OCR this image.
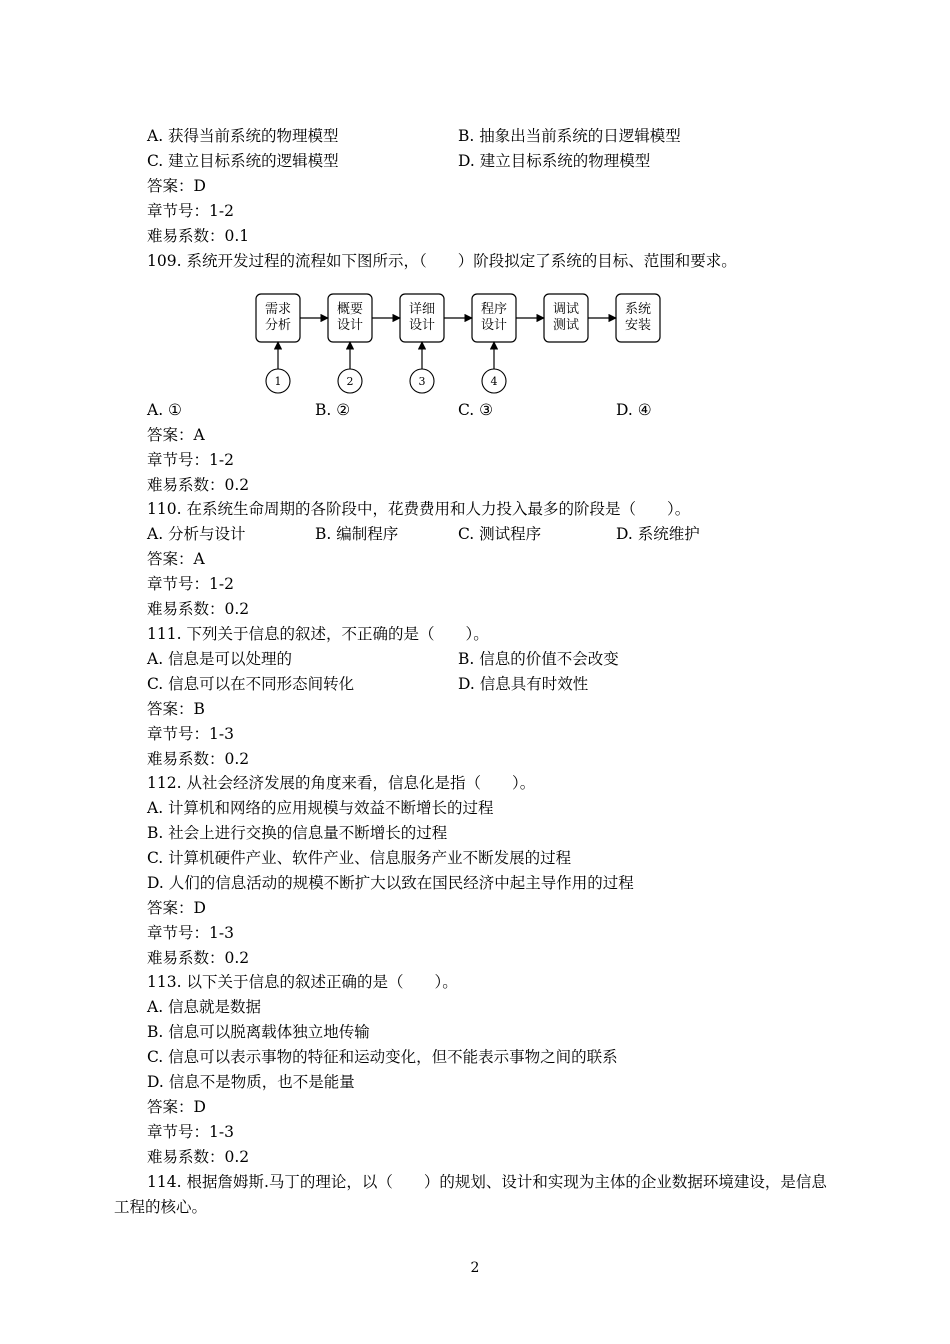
A. 获得当前系统的物理模型	B. 抽象出当前系统的日逻辑模型
C. 建立目标系统的逻辑模型	D. 建立目标系统的物理模型
答案：D
章节号：1-2
难易系数：0.1
109. 系统开发过程的流程如下图所示，（　　）阶段拟定了系统的目标、范围和要求。
需求
分析
概要
设计
详细
设计
程序
设计
调试
测试
系统
安装
1	2	3	4
A. ①	B. ②	C. ③	D. ④
答案：A
章节号：1-2
难易系数：0.2
110. 在系统生命周期的各阶段中，花费费用和人力投入最多的阶段是（　　）。
A. 分析与设计	B. 编制程序	C. 测试程序	D. 系统维护
答案：A
章节号：1-2
难易系数：0.2
111. 下列关于信息的叙述，不正确的是（　　）。
A. 信息是可以处理的	B. 信息的价值不会改变
C. 信息可以在不同形态间转化	D. 信息具有时效性
答案：B
章节号：1-3
难易系数：0.2
112. 从社会经济发展的角度来看，信息化是指（　　）。
A. 计算机和网络的应用规模与效益不断增长的过程
B. 社会上进行交换的信息量不断增长的过程
C. 计算机硬件产业、软件产业、信息服务产业不断发展的过程
D. 人们的信息活动的规模不断扩大以致在国民经济中起主导作用的过程
答案：D
章节号：1-3
难易系数：0.2
113. 以下关于信息的叙述正确的是（　　）。
A. 信息就是数据
B. 信息可以脱离载体独立地传输
C. 信息可以表示事物的特征和运动变化，但不能表示事物之间的联系
D. 信息不是物质，也不是能量
答案：D
章节号：1-3
难易系数：0.2
114. 根据詹姆斯.马丁的理论，以（　　）的规划、设计和实现为主体的企业数据环境建设，是信息
工程的核心。
2
